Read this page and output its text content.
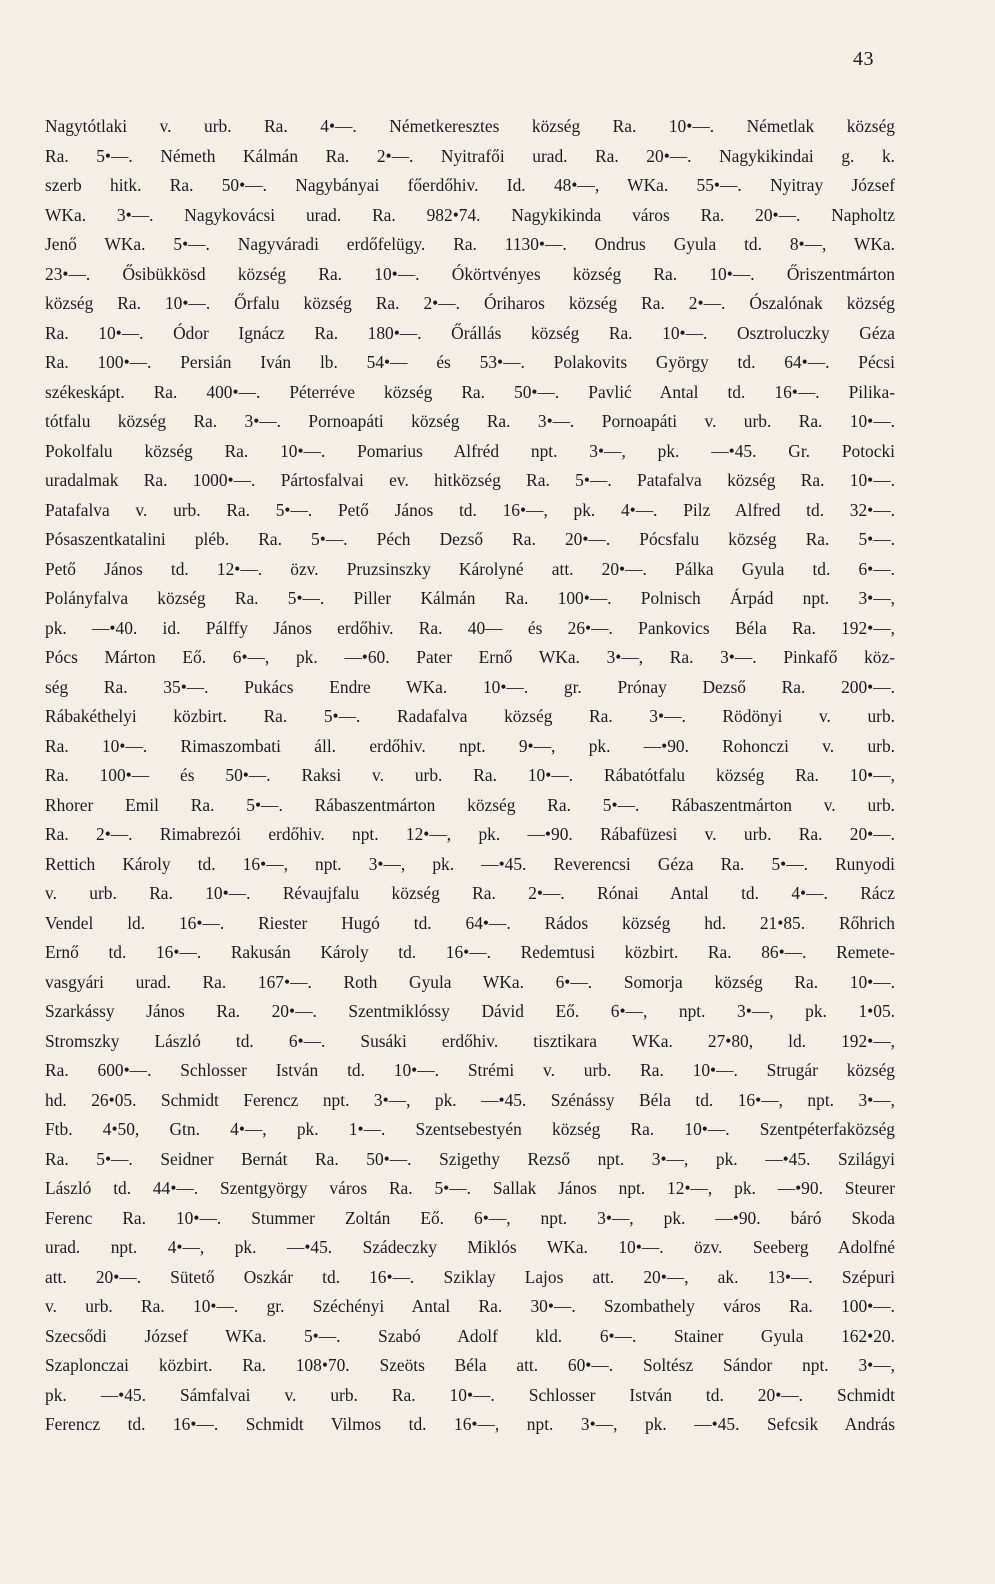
43
Nagytótlaki v. urb. Ra. 4•—. Németkeresztes község Ra. 10•—. Németlak község
Ra. 5•—. Németh Kálmán Ra. 2•—. Nyitrafői urad. Ra. 20•—. Nagykikindai g. k.
szerb hitk. Ra. 50•—. Nagybányai főerdőhiv. Id. 48•—, WKa. 55•—. Nyitray József
WKa. 3•—. Nagykovácsi urad. Ra. 982•74. Nagykikinda város Ra. 20•—. Napholtz
Jenő WKa. 5•—. Nagyváradi erdőfelügy. Ra. 1130•—. Ondrus Gyula td. 8•—, WKa.
23•—. Ősibükkösd község Ra. 10•—. Ókörtvényes község Ra. 10•—. Őriszentmárton
község Ra. 10•—. Őrfalu község Ra. 2•—. Óriharos község Ra. 2•—. Ószalónak község
Ra. 10•—. Ódor Ignácz Ra. 180•—. Őrállás község Ra. 10•—. Osztroluczky Géza
Ra. 100•—. Persián Iván lb. 54•— és 53•—. Polakovits György td. 64•—. Pécsi
székeskápt. Ra. 400•—. Péterréve község Ra. 50•—. Pavlić Antal td. 16•—. Pilika-
tótfalu község Ra. 3•—. Pornoapáti község Ra. 3•—. Pornoapáti v. urb. Ra. 10•—.
Pokolfalu község Ra. 10•—. Pomarius Alfréd npt. 3•—, pk. —•45. Gr. Potocki
uradalmak Ra. 1000•—. Pártosfalvai ev. hitközség Ra. 5•—. Patafalva község Ra. 10•—.
Patafalva v. urb. Ra. 5•—. Pető János td. 16•—, pk. 4•—. Pilz Alfred td. 32•—.
Pósaszentkatalini pléb. Ra. 5•—. Péch Dezső Ra. 20•—. Pócsfalu község Ra. 5•—.
Pető János td. 12•—. özv. Pruzsinszky Károlyné att. 20•—. Pálka Gyula td. 6•—.
Polányfalva község Ra. 5•—. Piller Kálmán Ra. 100•—. Polnisch Árpád npt. 3•—,
pk. —•40. id. Pálffy János erdőhiv. Ra. 40— és 26•—. Pankovics Béla Ra. 192•—,
Pócs Márton Eő. 6•—, pk. —•60. Pater Ernő WKa. 3•—, Ra. 3•—. Pinkafő köz-
ség Ra. 35•—. Pukács Endre WKa. 10•—. gr. Prónay Dezső Ra. 200•—.
Rábakéthelyi közbirt. Ra. 5•—. Radafalva község Ra. 3•—. Rödönyi v. urb.
Ra. 10•—. Rimaszombati áll. erdőhiv. npt. 9•—, pk. —•90. Rohonczi v. urb.
Ra. 100•— és 50•—. Raksi v. urb. Ra. 10•—. Rábatótfalu község Ra. 10•—,
Rhorer Emil Ra. 5•—. Rábaszentmárton község Ra. 5•—. Rábaszentmárton v. urb.
Ra. 2•—. Rimabrezói erdőhiv. npt. 12•—, pk. —•90. Rábafüzesi v. urb. Ra. 20•—.
Rettich Károly td. 16•—, npt. 3•—, pk. —•45. Reverencsi Géza Ra. 5•—. Runyodi
v. urb. Ra. 10•—. Révaujfalu község Ra. 2•—. Rónai Antal td. 4•—. Rácz
Vendel ld. 16•—. Riester Hugó td. 64•—. Rádos község hd. 21•85. Rőhrich
Ernő td. 16•—. Rakusán Károly td. 16•—. Redemtusi közbirt. Ra. 86•—. Remete-
vasgyári urad. Ra. 167•—. Roth Gyula WKa. 6•—. Somorja község Ra. 10•—.
Szarkássy János Ra. 20•—. Szentmiklóssy Dávid Eő. 6•—, npt. 3•—, pk. 1•05.
Stromszky László td. 6•—. Susáki erdőhiv. tisztikara WKa. 27•80, ld. 192•—,
Ra. 600•—. Schlosser István td. 10•—. Strémi v. urb. Ra. 10•—. Strugár község
hd. 26•05. Schmidt Ferencz npt. 3•—, pk. —•45. Szénássy Béla td. 16•—, npt. 3•—,
Ftb. 4•50, Gtn. 4•—, pk. 1•—. Szentsebestyén község Ra. 10•—. Szentpéterfaközség
Ra. 5•—. Seidner Bernát Ra. 50•—. Szigethy Rezső npt. 3•—, pk. —•45. Szilágyi
László td. 44•—. Szentgyörgy város Ra. 5•—. Sallak János npt. 12•—, pk. —•90. Steurer
Ferenc Ra. 10•—. Stummer Zoltán Eő. 6•—, npt. 3•—, pk. —•90. báró Skoda
urad. npt. 4•—, pk. —•45. Szádeczky Miklós WKa. 10•—. özv. Seeberg Adolfné
att. 20•—. Sütető Oszkár td. 16•—. Sziklay Lajos att. 20•—, ak. 13•—. Szépuri
v. urb. Ra. 10•—. gr. Széchényi Antal Ra. 30•—. Szombathely város Ra. 100•—.
Szecsődi József WKa. 5•—. Szabó Adolf kld. 6•—. Stainer Gyula 162•20.
Szaplonczai közbirt. Ra. 108•70. Szeöts Béla att. 60•—. Soltész Sándor npt. 3•—,
pk. —•45. Sámfalvai v. urb. Ra. 10•—. Schlosser István td. 20•—. Schmidt
Ferencz td. 16•—. Schmidt Vilmos td. 16•—, npt. 3•—, pk. —•45. Sefcsik András
